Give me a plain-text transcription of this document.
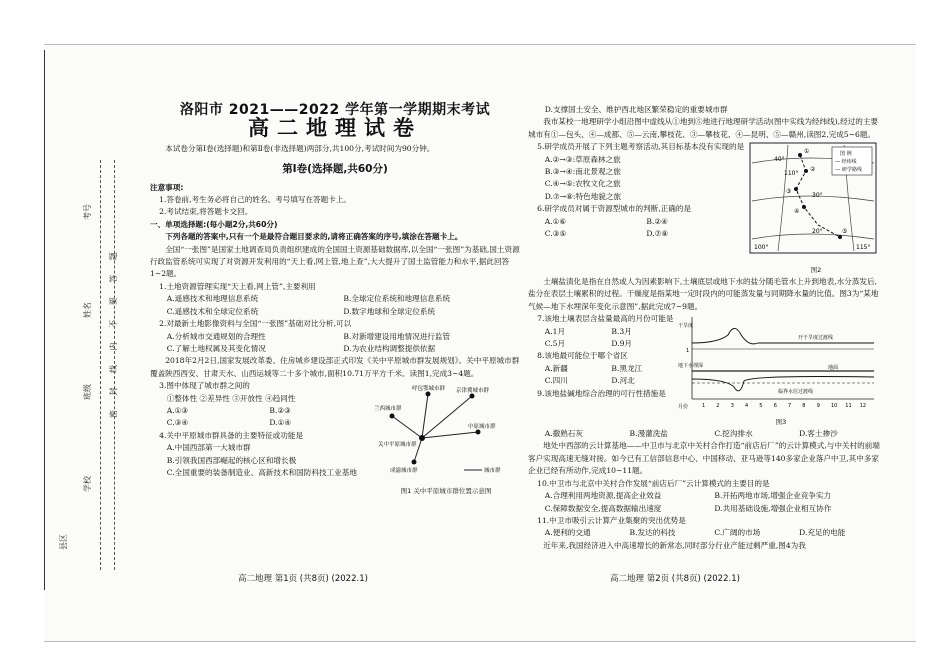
考号
姓名
班级
学校
县区
密 封 线 内 不 要 答 题

洛阳市 2021——2022 学年第一学期期末考试

高二地理试卷

本试卷分第Ⅰ卷(选择题)和第Ⅱ卷(非选择题)两部分,共100分,考试时间为90分钟。

第Ⅰ卷(选择题,共60分)

注意事项:

1.答卷前,考生务必将自己的姓名、考号填写在答题卡上。

2.考试结束,将答题卡交回。

一、单项选择题:(每小题2分,共60分)

下列各题的答案中,只有一个是最符合题目要求的,请将正确答案的序号,填涂在答题卡上。

全国“一张图”是国家土地调查局负责组织建成的全国国土资源基础数据库,以全国“一张图”为基础,国土资源行政监管系统可实现了对资源开发利用的“天上看,网上管,地上查”,大大提升了国土监管能力和水平,据此回答1~2题。

1.土地资源管理实现“天上看,网上管”,主要利用

A.遥感技术和地理信息系统	B.全球定位系统和地理信息系统
C.遥感技术和全球定位系统	D.数字地球和全球定位系统

2.对最新土地影像资料与全国“一张图”基础对比分析,可以

A.分析城市交通规划的合理性	B.对新增建设用地情况进行监管
C.了解土地权属及其变化情况	D.为农业结构调整提供依据

2018年2月2日,国家发展改革委、住房城乡建设部正式印发《关中平原城市群发展规划》。关中平原城市群覆盖陕西西安、甘肃天水、山西运城等二十多个城市,面积10.71万平方千米。读图1,完成3~4题。

3.图中体现了城市群之间的

①整体性 ②差异性 ③开放性 ④趋同性

A.①③	B.②③
C.③④	D.①④

4.关中平原城市群具备的主要特征或功能是

A.中国西部第一大城市群

B.引领我国西部崛起的核心区和增长极

C.全国重要的装备制造业、高新技术和国防科技工业基地

呼包鄂城市群 京津冀城市群
兰西城市群
关中平原城市群
中原城市群
成渝城市群	城市群

图1 关中平原城市群位置示意图

高二地理 第1页 (共8页) (2022.1)

D.支撑国土安全、维护西北地区繁荣稳定的重要城市群

我市某校一地理研学小组沿图中虚线从①地到⑤地进行地理研学活动(图中实线为经纬线),经过的主要城市有①—包头、④—成都、⑤—云南,攀枝花、③—攀枝花、④—昆明、⑤—赣州,读图2,完成5~6题。

5.研学成员开展了下列主题考察活动,其目标基本没有实现的是

A.②→③:草原森林之旅

B.③→④:南北景观之旅

C.④→⑤:农牧文化之旅

D.⑦→⑧:特色地貌之旅

6.研学成员对属于资源型城市的判断,正确的是

A.①⑥	B.②④
C.③⑤	D.⑦⑧
40°
110°
30°
20°
115°
100°
①
②
③
④
⑤
图 例
— 经纬线
--- 研学路线

图2

土壤盐渍化是指在自然或人为因素影响下,土壤底层或地下水的盐分随毛管水上升到地表,水分蒸发后,盐分在表层土壤累积的过程。干燥度是指某地一定时段内的可能蒸发量与同期降水量的比值。图3为“某地气候—地下水埋深年变化示意图”,据此完成7~9题。

7.该地土壤表层含盐量最高的月份可能是

A.1月	B.3月
C.5月	D.9月

8.该地最可能位于哪个省区

A.新疆	B.黑龙江
C.四川	D.河北

9.该地盐碱地综合治理的可行性措施是

干旱度
1
地下水埋深
月份
开干旱度过渡线
临界水位过渡线
地面
1 2 3 4 5 6 7 8 9 10 11 12

图3

A.撒熟石灰	B.漫灌洗盐	C.挖沟排水	D.客土掺沙

地处中西部的云计算基地——中卫市与北京中关村合作打造“前店后厂”的云计算模式,与中关村的前端客户实现高速无缝对接。如今已有工信部信息中心、中国移动、亚马逊等140多家企业落户中卫,其中多家企业已经有所动作,完成10~11题。

10.中卫市与北京中关村合作发展“前店后厂”云计算模式的主要目的是

A.合理利用两地资源,提高企业效益	B.开拓两地市场,增强企业竞争实力
C.保障数据安全,提高数据输出速度	D.共用基础设施,增强企业相互协作

11.中卫市吸引云计算产业集聚的突出优势是

A.便利的交通	B.发达的科技	C.广阔的市场	D.充足的电能

近年来,我国经济进入中高速增长的新常态,同时部分行业产能过剩严重,图4为我

高二地理 第2页 (共8页) (2022.1)
